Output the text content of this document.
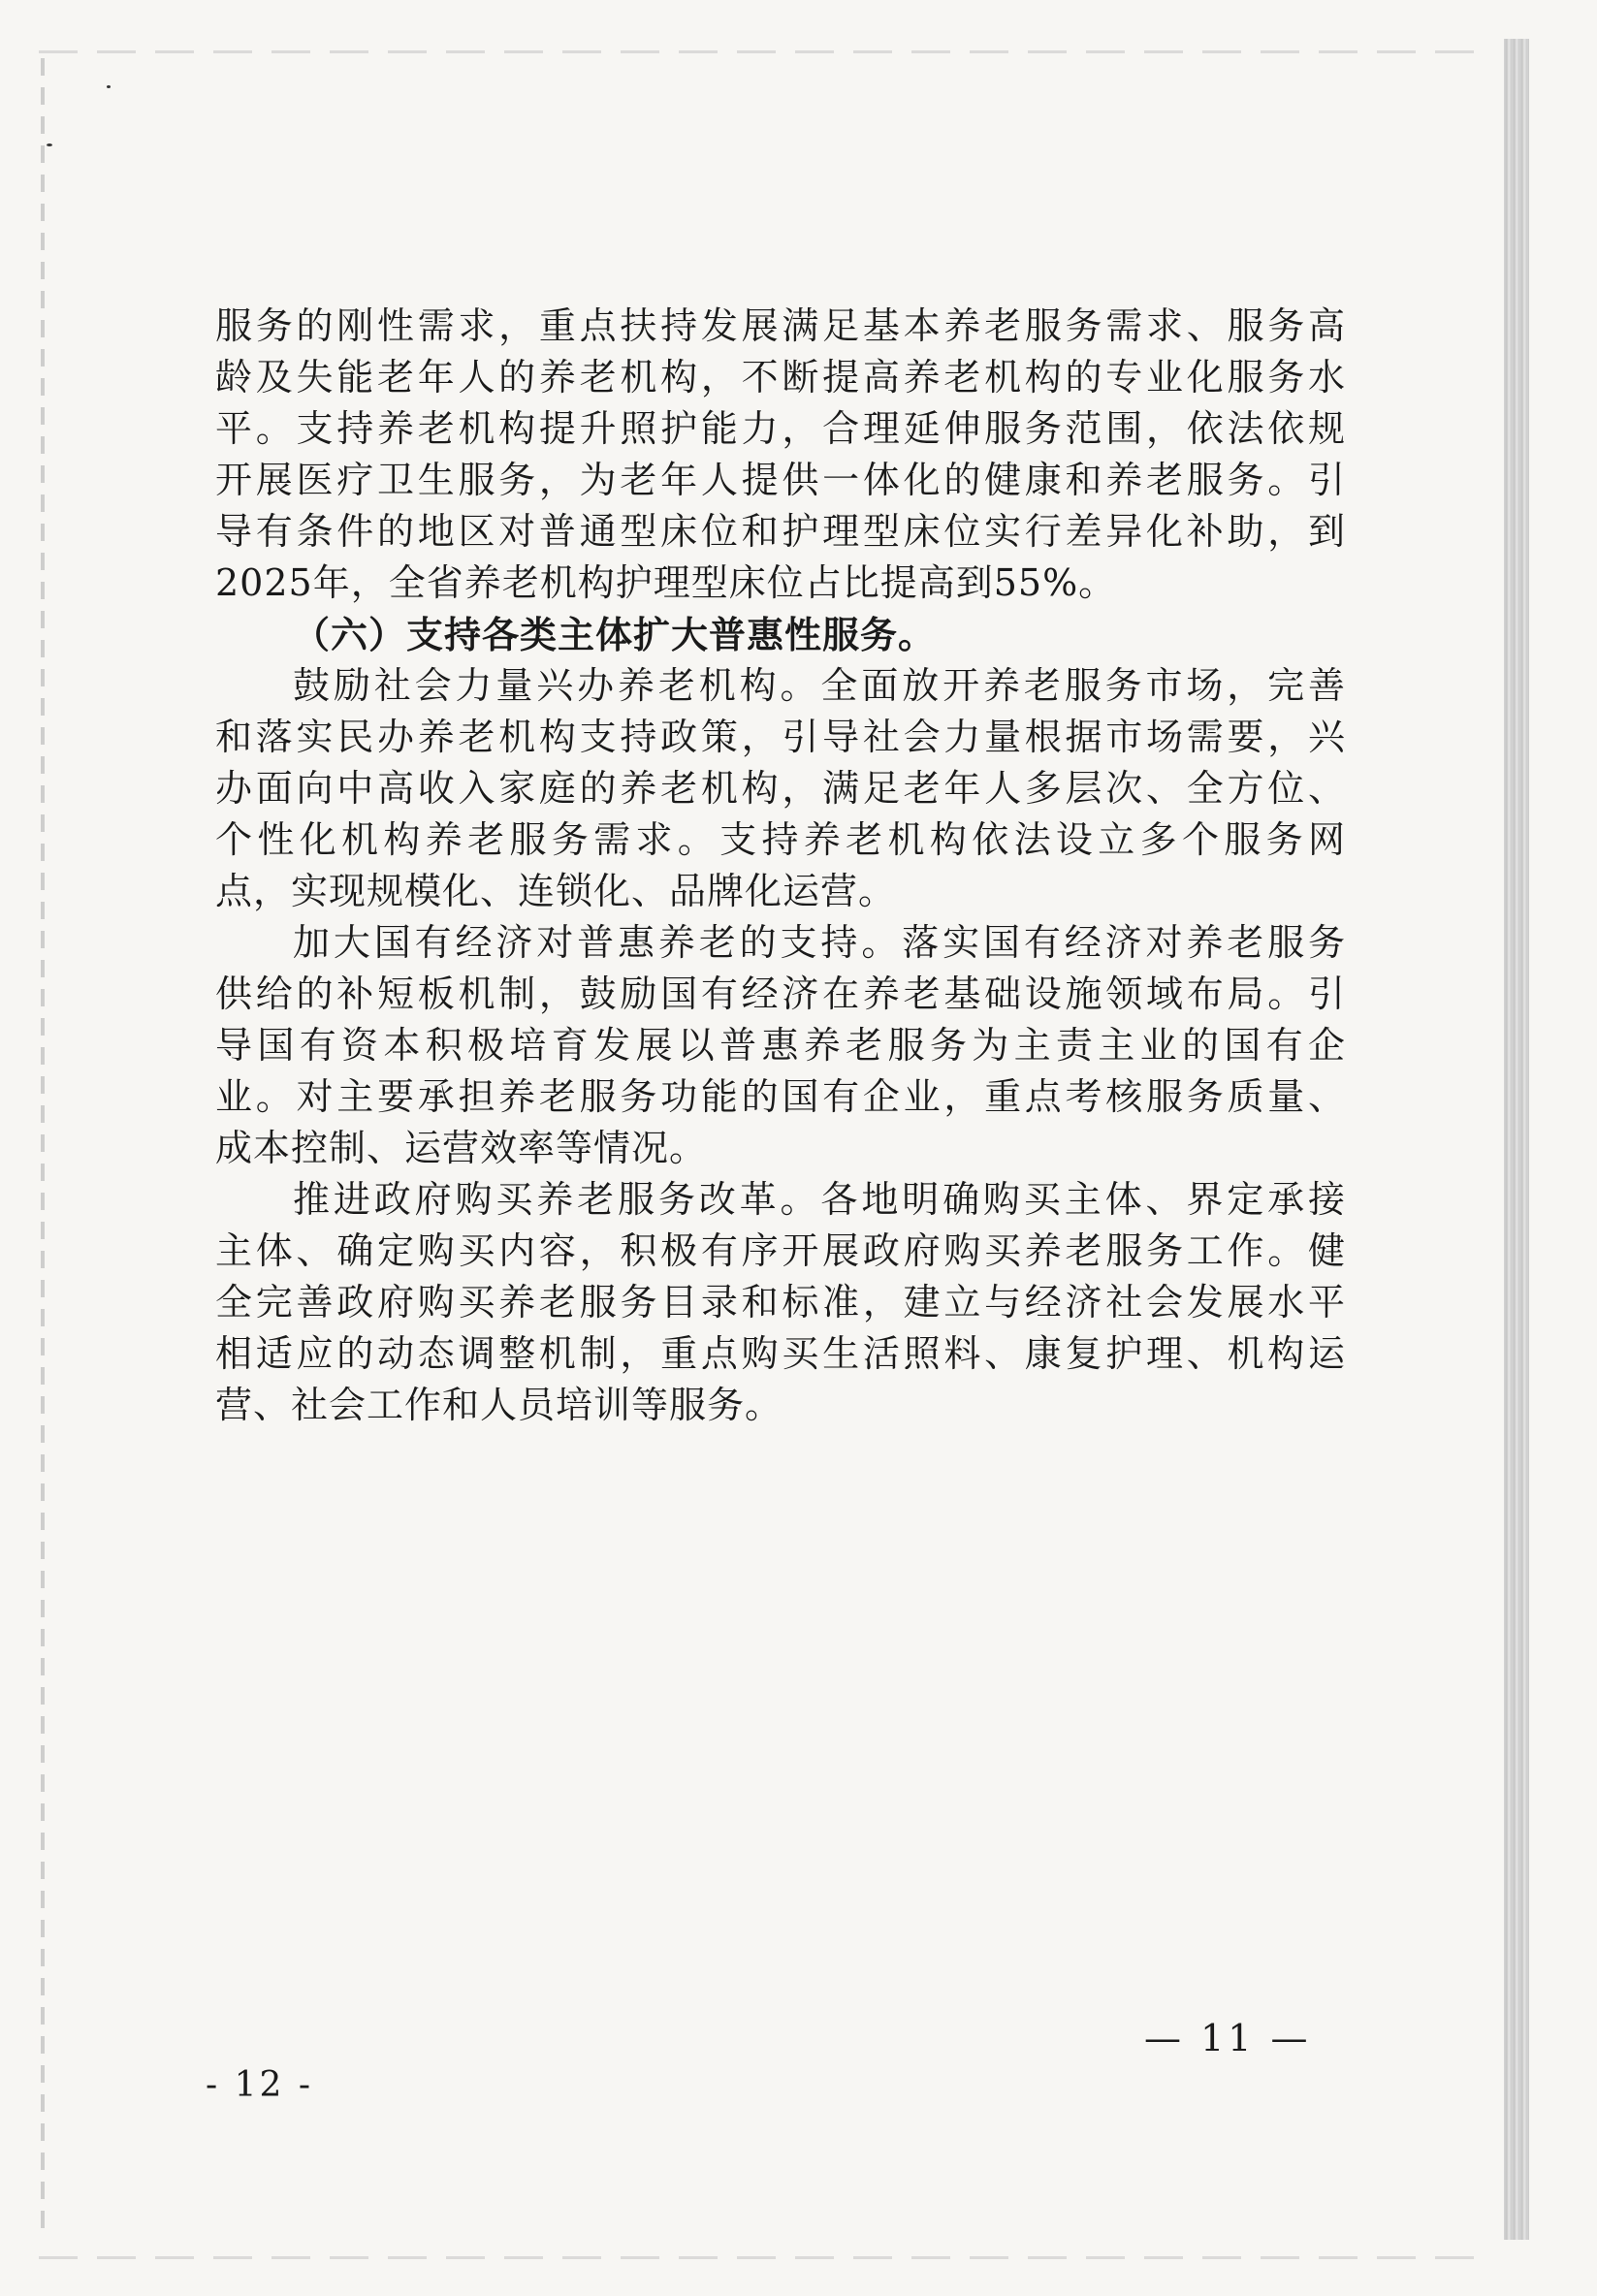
服务的刚性需求，重点扶持发展满足基本养老服务需求、服务高
龄及失能老年人的养老机构，不断提高养老机构的专业化服务水
平。支持养老机构提升照护能力，合理延伸服务范围，依法依规
开展医疗卫生服务，为老年人提供一体化的健康和养老服务。引
导有条件的地区对普通型床位和护理型床位实行差异化补助，到
2025年，全省养老机构护理型床位占比提高到55%。
（六）支持各类主体扩大普惠性服务。
鼓励社会力量兴办养老机构。全面放开养老服务市场，完善
和落实民办养老机构支持政策，引导社会力量根据市场需要，兴
办面向中高收入家庭的养老机构，满足老年人多层次、全方位、
个性化机构养老服务需求。支持养老机构依法设立多个服务网
点，实现规模化、连锁化、品牌化运营。
加大国有经济对普惠养老的支持。落实国有经济对养老服务
供给的补短板机制，鼓励国有经济在养老基础设施领域布局。引
导国有资本积极培育发展以普惠养老服务为主责主业的国有企
业。对主要承担养老服务功能的国有企业，重点考核服务质量、
成本控制、运营效率等情况。
推进政府购买养老服务改革。各地明确购买主体、界定承接
主体、确定购买内容，积极有序开展政府购买养老服务工作。健
全完善政府购买养老服务目录和标准，建立与经济社会发展水平
相适应的动态调整机制，重点购买生活照料、康复护理、机构运
营、社会工作和人员培训等服务。
— 11 —
- 12 -
